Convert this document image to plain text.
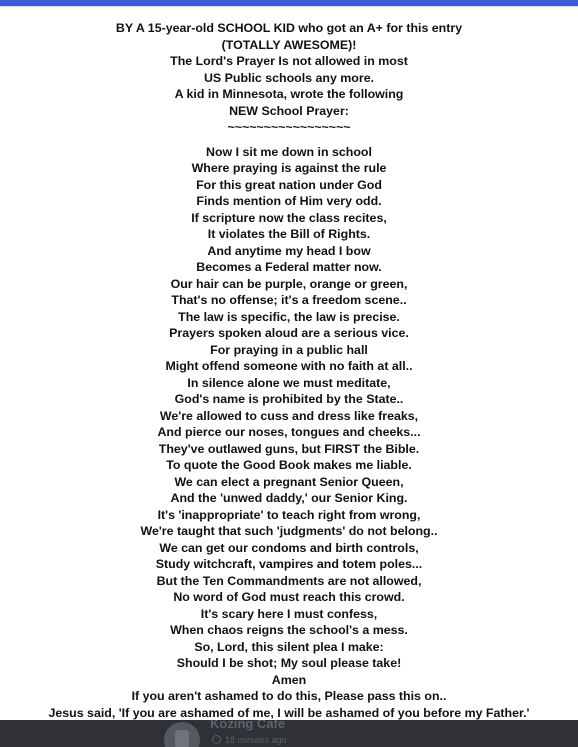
BY A 15-year-old SCHOOL KID who got an A+ for this entry

(TOTALLY AWESOME)!

The Lord's Prayer Is not allowed in most

US Public schools any more.

A kid in Minnesota, wrote the following

NEW School Prayer:

~~~~~~~~~~~~~~~~~

Now I sit me down in school

Where praying is against the rule

For this great nation under God

Finds mention of Him very odd.

If scripture now the class recites,

It violates the Bill of Rights.

And anytime my head I bow

Becomes a Federal matter now.

Our hair can be purple, orange or green,

That's no offense; it's a freedom scene..

The law is specific, the law is precise.

Prayers spoken aloud are a serious vice.

For praying in a public hall

Might offend someone with no faith at all..

In silence alone we must meditate,

God's name is prohibited by the State..

We're allowed to cuss and dress like freaks,

And pierce our noses, tongues and cheeks...

They've outlawed guns, but FIRST the Bible.

To quote the Good Book makes me liable.

We can elect a pregnant Senior Queen,

And the 'unwed daddy,' our Senior King.

It's 'inappropriate' to teach right from wrong,

We're taught that such 'judgments' do not belong..

We can get our condoms and birth controls,

Study witchcraft, vampires and totem poles...

But the Ten Commandments are not allowed,

No word of God must reach this crowd.

It's scary here I must confess,

When chaos reigns the school's a mess.

So, Lord, this silent plea I make:

Should I be shot; My soul please take!

Amen

If you aren't ashamed to do this, Please pass this on..

Jesus said, 'If you are ashamed of me, I will be ashamed of you before my Father.'

Kozing Cafe
18 minutes ago
